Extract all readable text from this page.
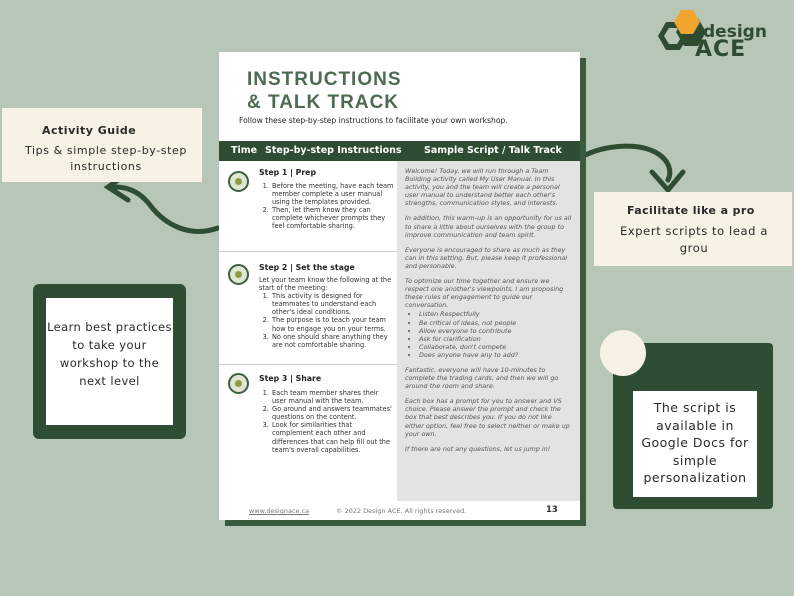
design
ACE
INSTRUCTIONS
& TALK TRACK
Follow these step-by-step instructions to facilitate your own workshop.
Time Step-by-step Instructions Sample Script / Talk Track
Step 1 | Prep
1. Before the meeting, have each team member complete a user manual using the templates provided.
2. Then, let them know they can complete whichever prompts they feel comfortable sharing.
Step 2 | Set the stage
Let your team know the following at the start of the meeting:
1. This activity is designed for teammates to understand each other's ideal conditions.
2. The purpose is to teach your team how to engage you on your terms.
3. No one should share anything they are not comfortable sharing.
Step 3 | Share
1. Each team member shares their user manual with the team.
2. Go around and answers teammates' questions on the content.
3. Look for similarities that complement each other and differences that can help fill out the team's overall capabilities.

Welcome! Today, we will run through a Team Building activity called My User Manual. In this activity, you and the team will create a personal user manual to understand better each other's strengths, communication styles, and interests.

In addition, this warm-up is an opportunity for us all to share a little about ourselves with the group to improve communication and team spirit.

Everyone is encouraged to share as much as they can in this setting. But, please keep it professional and personable.

To optimize our time together and ensure we respect one another's viewpoints, I am proposing these rules of engagement to guide our conversation.

• Listen Respectfully
• Be critical of ideas, not people
• Allow everyone to contribute
• Ask for clarification
• Collaborate, don't compete
• Does anyone have any to add?

Fantastic, everyone will have 10-minutes to complete the trading cards, and then we will go around the room and share.

Each box has a prompt for you to answer and VS choice. Please answer the prompt and check the box that best describes you. If you do not like either option, feel free to select neither or make up your own.

If there are not any questions, let us jump in!

www.designace.ca	© 2022 Design ACE. All rights reserved.	13
Activity Guide
Tips & simple step-by-step instructions
Facilitate like a pro
Expert scripts to lead a grou
Learn best practices to take your workshop to the next level
The script is available in Google Docs for simple personalization
